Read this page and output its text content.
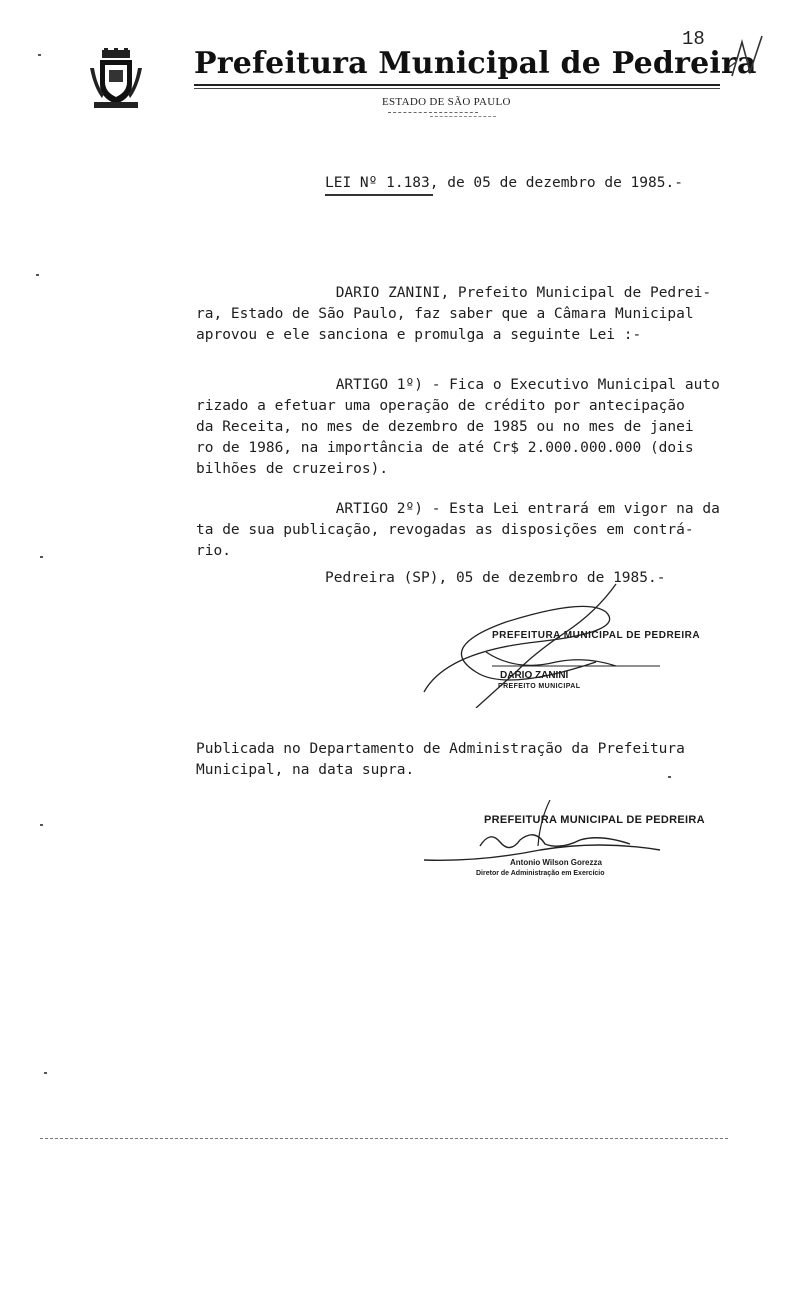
Prefeitura Municipal de Pedreira
18
ESTADO DE SÃO PAULO
LEI Nº 1.183, de 05 de dezembro de 1985.-

DARIO ZANINI, Prefeito Municipal de Pedrei-
ra, Estado de São Paulo, faz saber que a Câmara Municipal
aprovou e ele sanciona e promulga a seguinte Lei :-

ARTIGO 1º) - Fica o Executivo Municipal auto
rizado a efetuar uma operação de crédito por antecipação
da Receita, no mes de dezembro de 1985 ou no mes de janei
ro de 1986, na importância de até Cr$ 2.000.000.000 (dois
bilhões de cruzeiros).

ARTIGO 2º) - Esta Lei entrará em vigor na da
ta de sua publicação, revogadas as disposições em contrá-
rio.

Pedreira (SP), 05 de dezembro de 1985.-
PREFEITURA MUNICIPAL DE PEDREIRA
DARIO ZANINI
PREFEITO MUNICIPAL

Publicada no Departamento de Administração da Prefeitura
Municipal, na data supra.

PREFEITURA MUNICIPAL DE PEDREIRA
Antonio Wilson Gorezza
Diretor de Administração em Exercício
